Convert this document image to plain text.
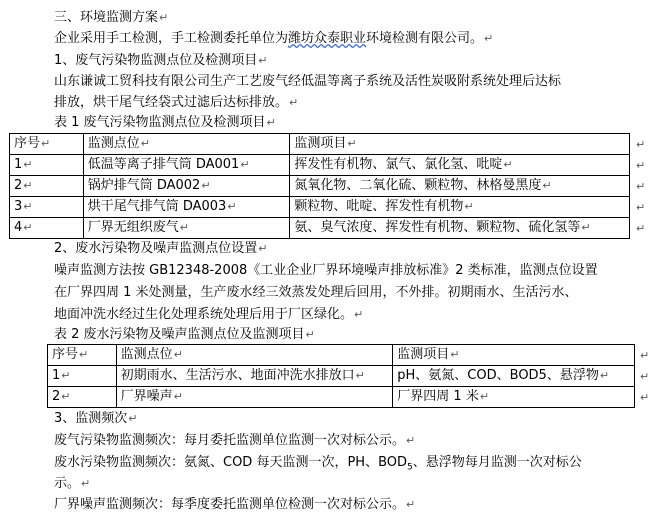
三、环境监测方案↵
企业采用手工检测，手工检测委托单位为潍坊众泰职业环境检测有限公司。↵
1、废气污染物监测点位及检测项目↵
山东谦诚工贸科技有限公司生产工艺废气经低温等离子系统及活性炭吸附系统处理后达标
排放，烘干尾气经袋式过滤后达标排放。↵
表 1 废气污染物监测点位及检测项目↵
序号↵	监测点位↵	监测项目↵
1↵	低温等离子排气筒 DA001↵	挥发性有机物、氯气、氯化氢、吡啶↵
2↵	锅炉排气筒 DA002↵	氮氧化物、二氧化硫、颗粒物、林格曼黑度↵
3↵	烘干尾气排气筒 DA003↵	颗粒物、吡啶、挥发性有机物↵
4↵	厂界无组织废气↵	氨、臭气浓度、挥发性有机物、颗粒物、硫化氢等↵
2、废水污染物及噪声监测点位设置↵
噪声监测方法按 GB12348-2008《工业企业厂界环境噪声排放标准》2 类标准，监测点位设置
在厂界四周 1 米处测量，生产废水经三效蒸发处理后回用，不外排。初期雨水、生活污水、
地面冲洗水经过生化处理系统处理后用于厂区绿化。↵
表 2 废水污染物及噪声监测点位及监测项目↵
序号↵	监测点位↵	监测项目↵
1↵	初期雨水、生活污水、地面冲洗水排放口↵	pH、氨氮、COD、BOD5、悬浮物↵
2↵	厂界噪声↵	厂界四周 1 米↵
3、监测频次↵
废气污染物监测频次：每月委托监测单位监测一次对标公示。↵
废水污染物监测频次：氨氮、COD 每天监测一次，PH、$BOD_5$、悬浮物每月监测一次对标公
示。↵
厂界噪声监测频次：每季度委托监测单位检测一次对标公示。↵
↵
↵
↵
↵
↵
↵
↵
↵
